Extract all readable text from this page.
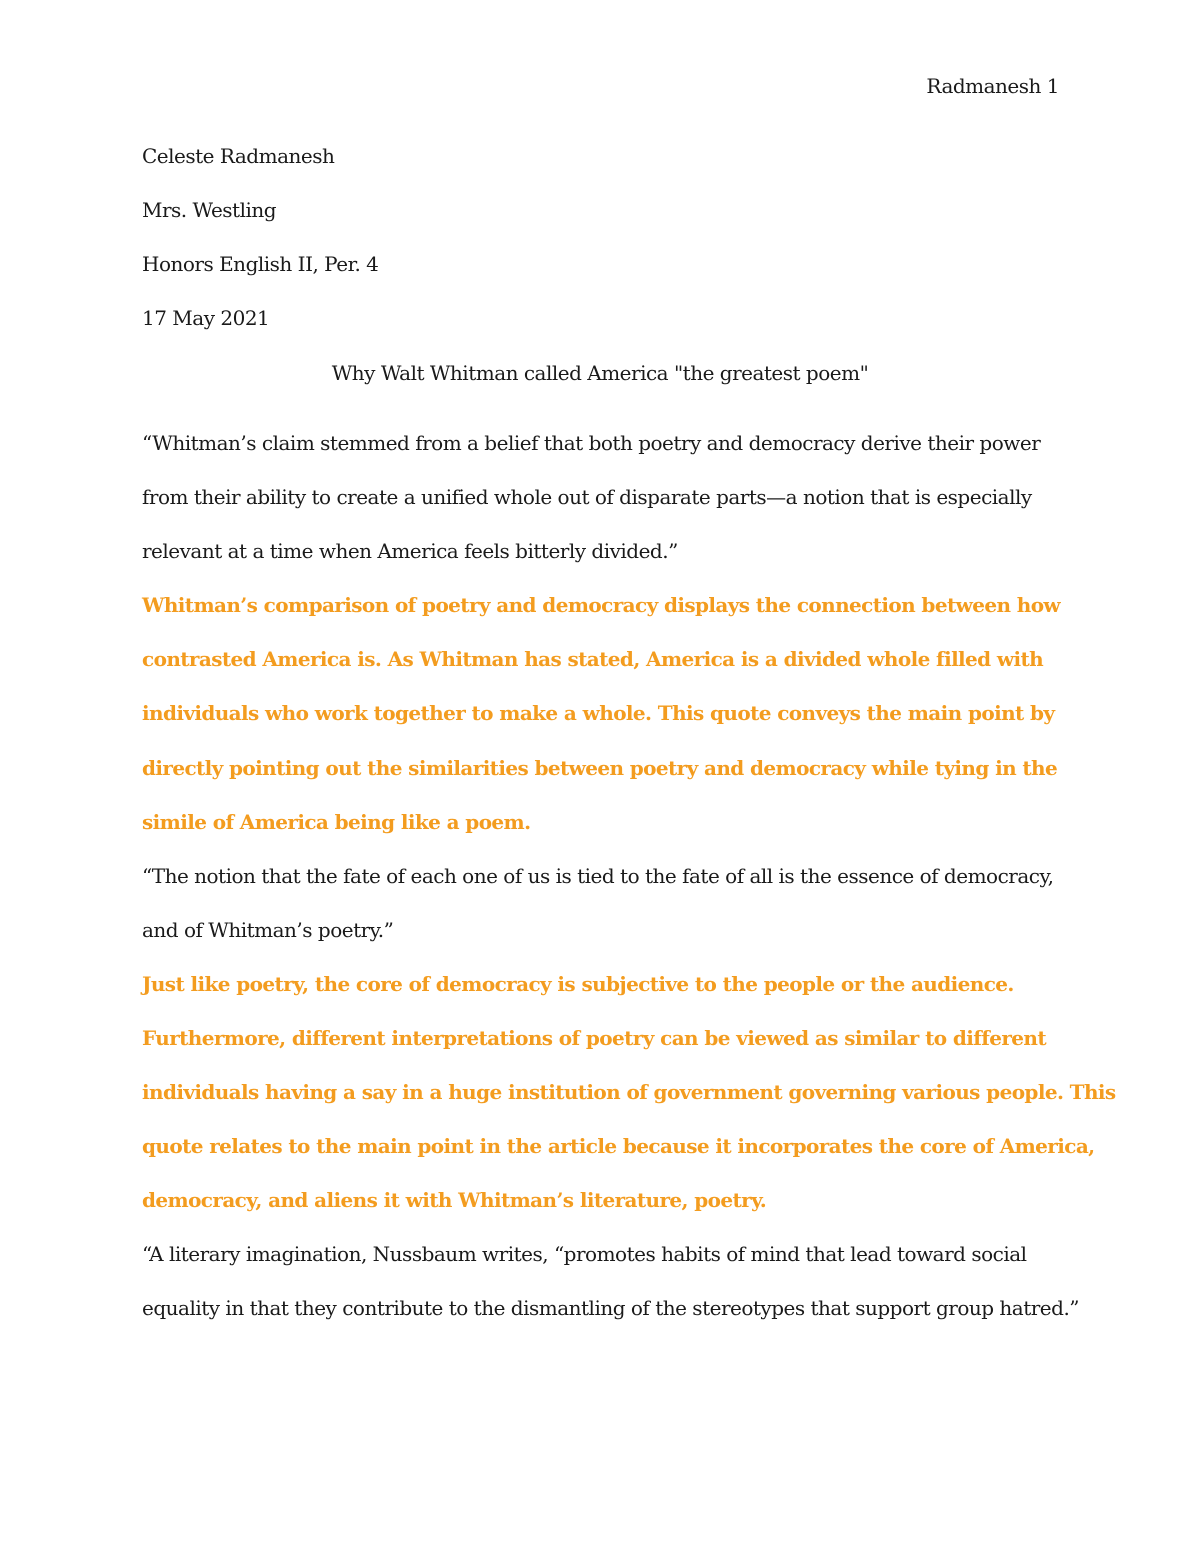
Radmanesh 1
Celeste Radmanesh
Mrs. Westling
Honors English II, Per. 4
17 May 2021
Why Walt Whitman called America "the greatest poem"
“Whitman’s claim stemmed from a belief that both poetry and democracy derive their power
from their ability to create a unified whole out of disparate parts—a notion that is especially
relevant at a time when America feels bitterly divided.”
Whitman’s comparison of poetry and democracy displays the connection between how
contrasted America is. As Whitman has stated, America is a divided whole filled with
individuals who work together to make a whole. This quote conveys the main point by
directly pointing out the similarities between poetry and democracy while tying in the
simile of America being like a poem.
“The notion that the fate of each one of us is tied to the fate of all is the essence of democracy,
and of Whitman’s poetry.”
Just like poetry, the core of democracy is subjective to the people or the audience.
Furthermore, different interpretations of poetry can be viewed as similar to different
individuals having a say in a huge institution of government governing various people. This
quote relates to the main point in the article because it incorporates the core of America,
democracy, and aliens it with Whitman’s literature, poetry.
“A literary imagination, Nussbaum writes, “promotes habits of mind that lead toward social
equality in that they contribute to the dismantling of the stereotypes that support group hatred.”
